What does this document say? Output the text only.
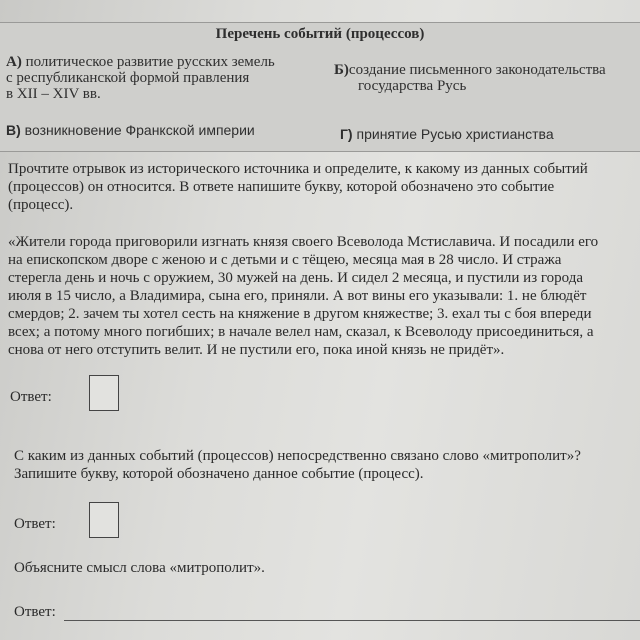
Перечень событий (процессов)
А) политическое развитие русских земель
с республиканской формой правления
в XII – XIV вв.
Б)создание письменного законодательства
государства Русь
В) возникновение Франкской империи	Г) принятие Русью христианства
Прочтите отрывок из исторического источника и определите, к какому из данных событий
(процессов) он относится. В ответе напишите букву, которой обозначено это событие
(процесс).
«Жители города приговорили изгнать князя своего Всеволода Мстиславича. И посадили его
на епископском дворе с женою и с детьми и с тёщею, месяца мая в 28 число. И стража
стерегла день и ночь с оружием, 30 мужей на день. И сидел 2 месяца, и пустили из города
июля в 15 число, а Владимира, сына его, приняли. А вот вины его указывали: 1. не блюдёт
смердов; 2. зачем ты хотел сесть на княжение в другом княжестве; 3. ехал ты с боя впереди
всех; а потому много погибших; в начале велел нам, сказал, к Всеволоду присоединиться, а
снова от него отступить велит. И не пустили его, пока иной князь не придёт».
Ответ:
С каким из данных событий (процессов) непосредственно связано слово «митрополит»?
Запишите букву, которой обозначено данное событие (процесс).
Ответ:
Объясните смысл слова «митрополит».
Ответ:
